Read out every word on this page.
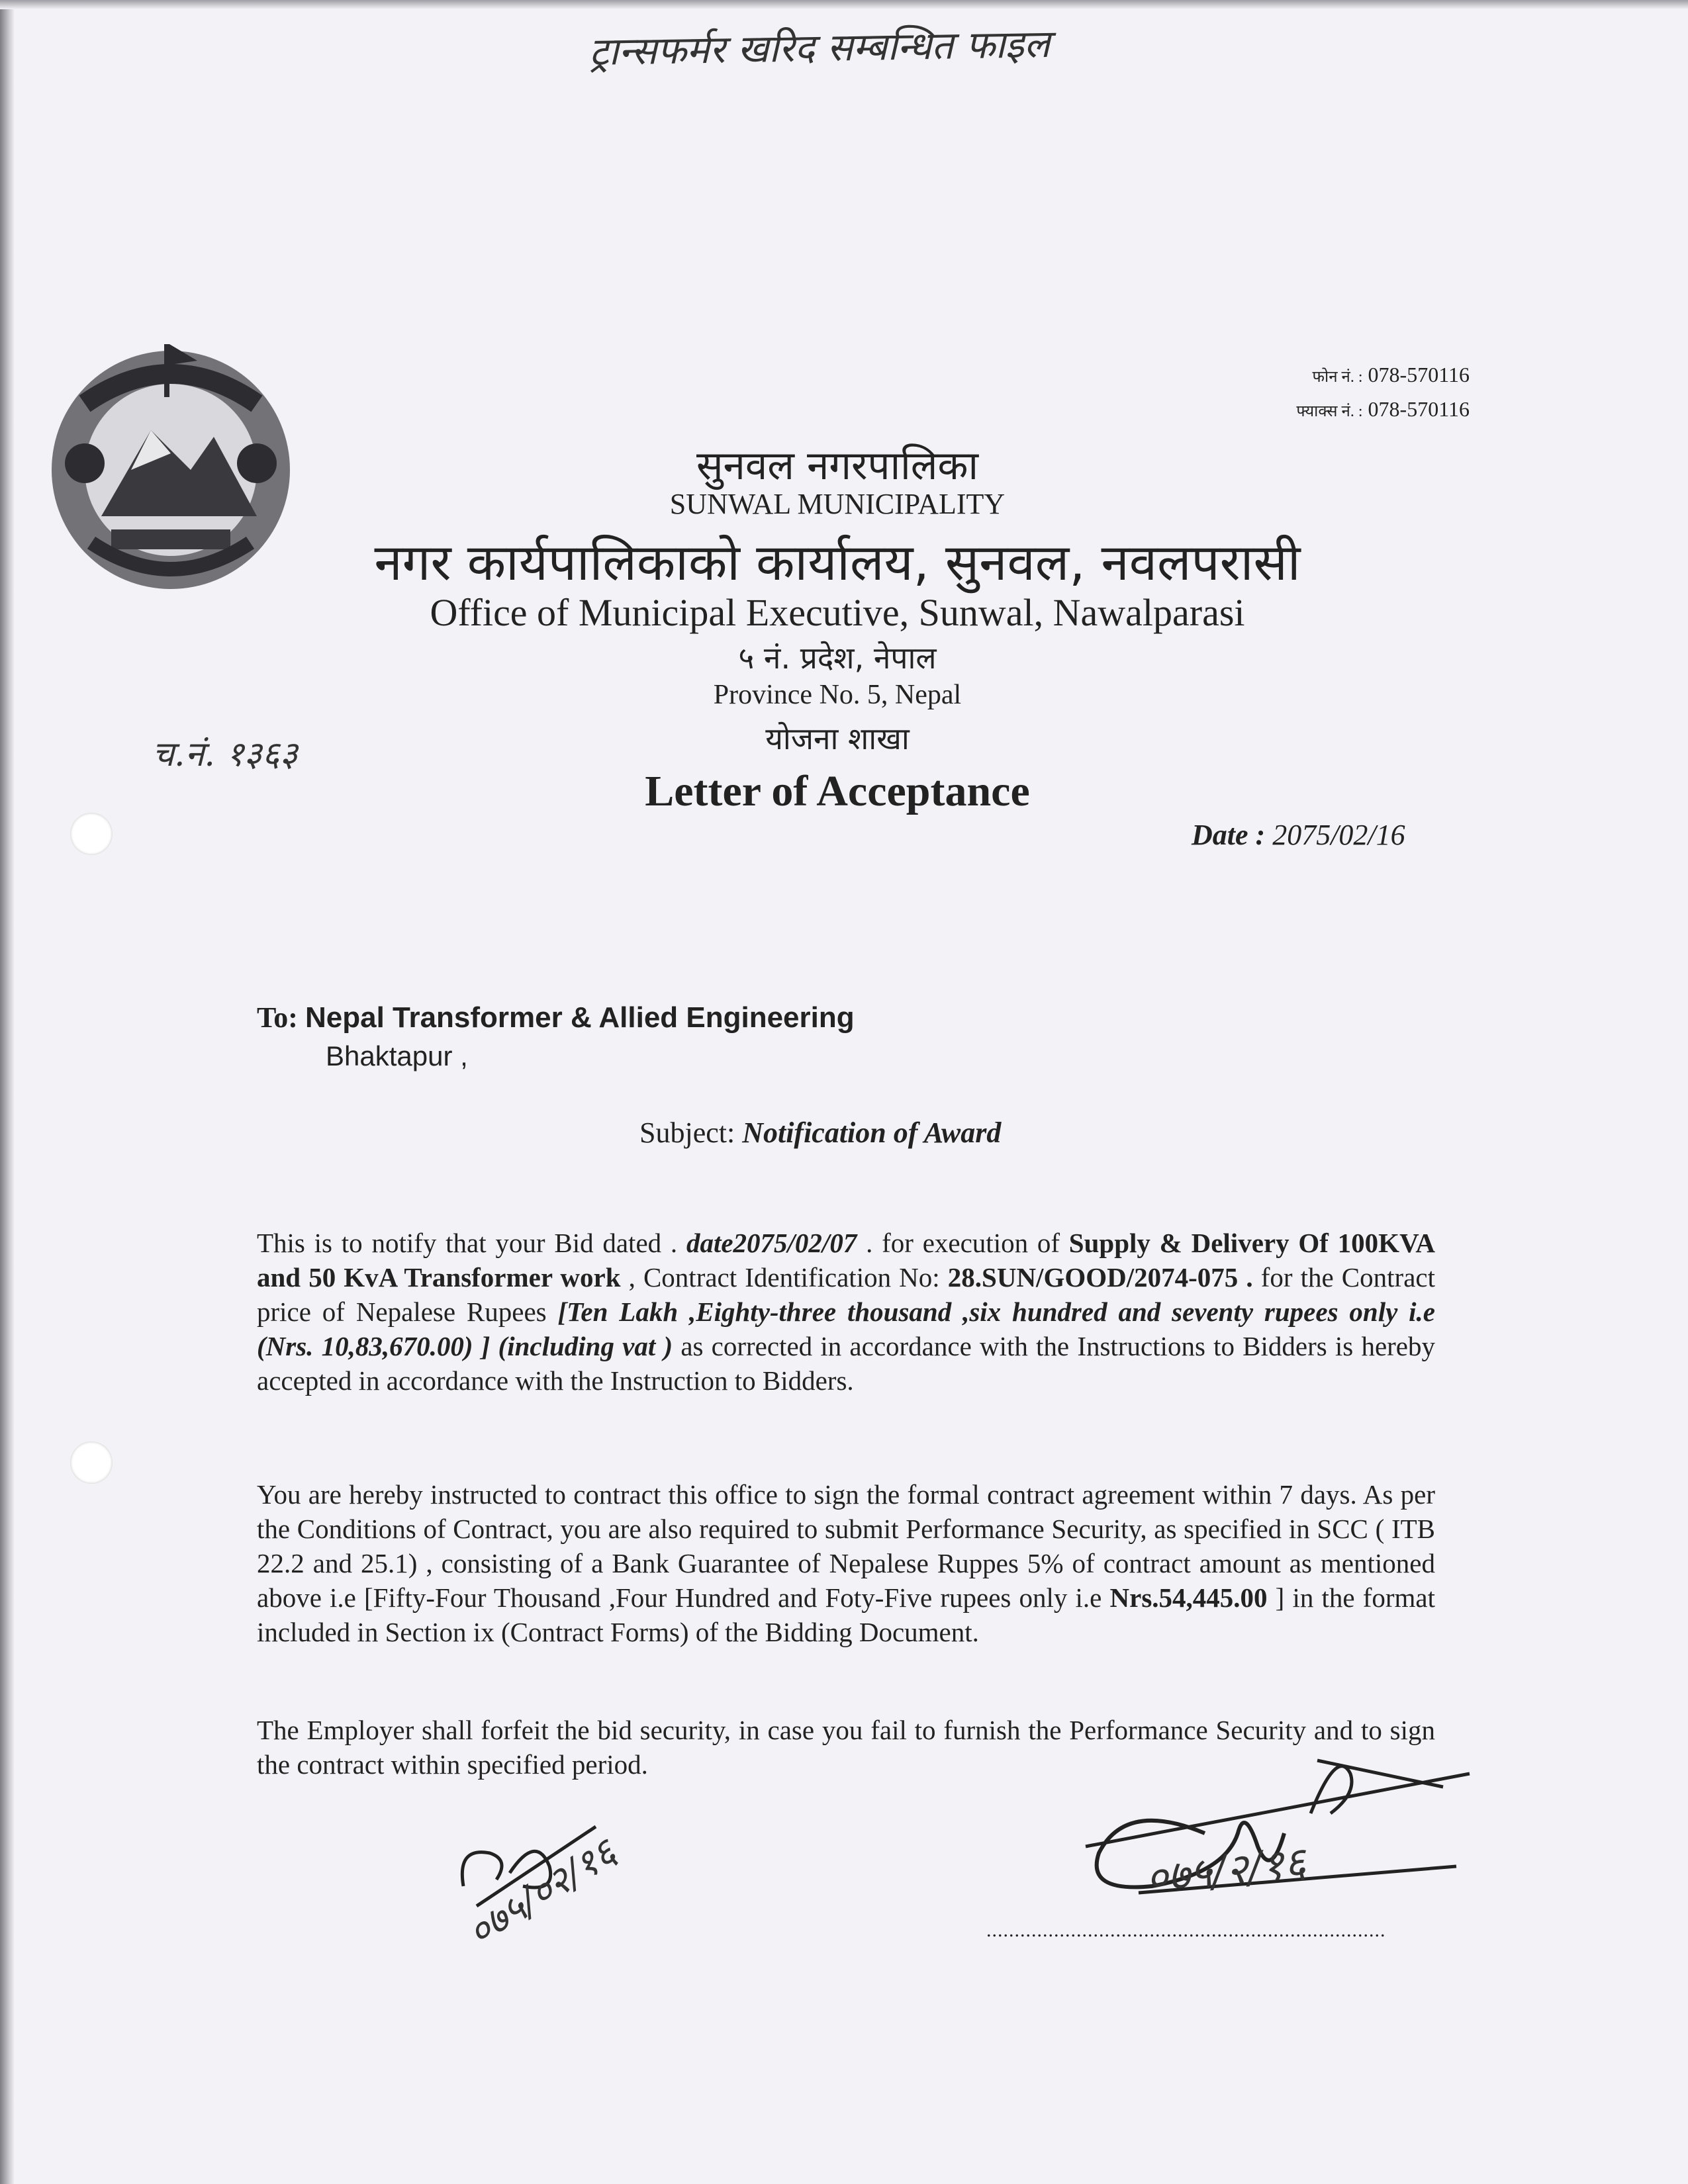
ट्रान्सफर्मर खरिद सम्बन्धित फाइल
फोन नं. : 078-570116
फ्याक्स नं. : 078-570116
सुनवल नगरपालिका
SUNWAL MUNICIPALITY
नगर कार्यपालिकाको कार्यालय, सुनवल, नवलपरासी
Office of Municipal Executive, Sunwal, Nawalparasi
५ नं. प्रदेश, नेपाल
Province No. 5, Nepal
योजना शाखा
च.नं. १३६३
Letter of Acceptance
Date : 2075/02/16
To: Nepal Transformer & Allied Engineering
Bhaktapur ,
Subject: Notification of Award
This is to notify that your Bid dated . date2075/02/07 . for execution of Supply & Delivery Of 100KVA and 50 KvA Transformer work , Contract Identification No: 28.SUN/GOOD/2074-075 . for the Contract price of Nepalese Rupees [Ten Lakh ,Eighty-three thousand ,six hundred and seventy rupees only i.e (Nrs. 10,83,670.00) ] (including vat ) as corrected in accordance with the Instructions to Bidders is hereby accepted in accordance with the Instruction to Bidders.
You are hereby instructed to contract this office to sign the formal contract agreement within 7 days. As per the Conditions of Contract, you are also required to submit Performance Security, as specified in SCC ( ITB 22.2 and 25.1) , consisting of a Bank Guarantee of Nepalese Ruppes 5% of contract amount as mentioned above i.e [Fifty-Four Thousand ,Four Hundred and Foty-Five rupees only i.e Nrs.54,445.00 ] in the format included in Section ix (Contract Forms) of the Bidding Document.
The Employer shall forfeit the bid security, in case you fail to furnish the Performance Security and to sign the contract within specified period.
०७५/०२/१६	०७५/२/१६
.......................................................................
